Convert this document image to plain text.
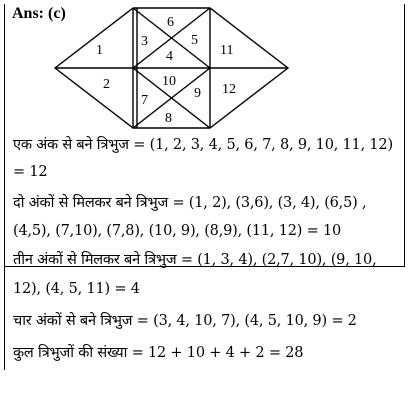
Ans: (c)
1
2
3
4
5
6
7
8
9
10
11
12
एक अंक से बने त्रिभुज = (1, 2, 3, 4, 5, 6, 7, 8, 9, 10, 11, 12)
= 12
दो अंकों से मिलकर बने त्रिभुज = (1, 2), (3,6), (3, 4), (6,5) ,
(4,5), (7,10), (7,8), (10, 9), (8,9), (11, 12) = 10
तीन अंकों से मिलकर बने त्रिभुज = (1, 3, 4), (2,7, 10), (9, 10,
12), (4, 5, 11) = 4
चार अंकों से बने त्रिभुज = (3, 4, 10, 7), (4, 5, 10, 9) = 2
कुल त्रिभुजों की संख्या = 12 + 10 + 4 + 2 = 28
